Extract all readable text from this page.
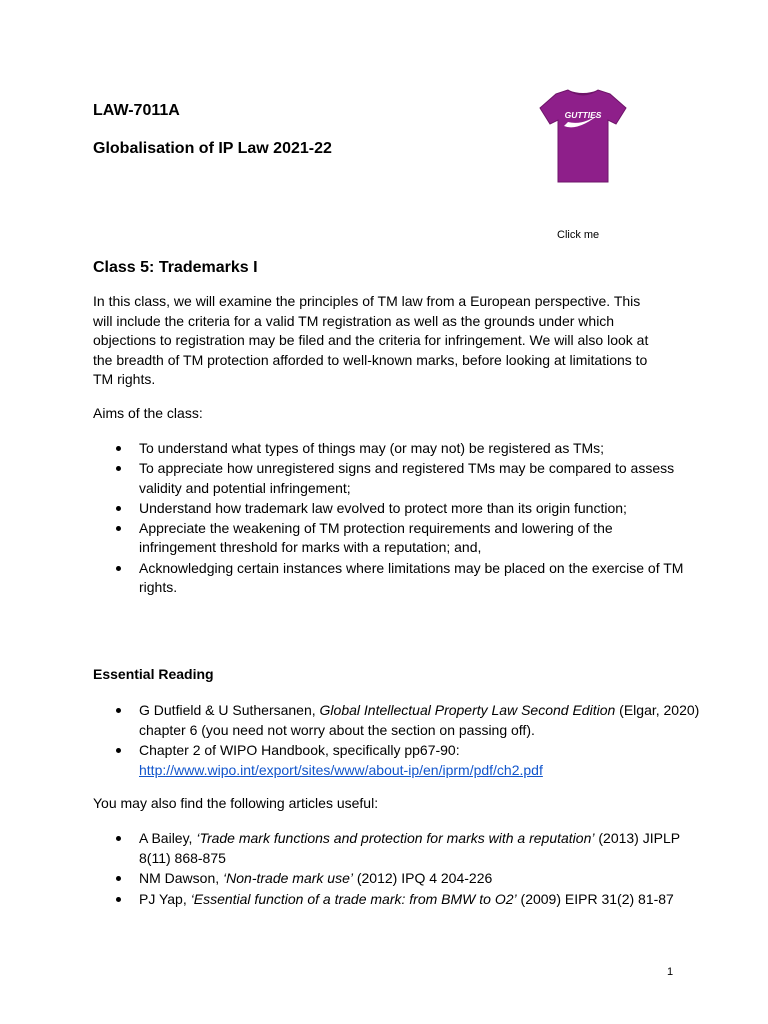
LAW-7011A

Globalisation of IP Law 2021-22

GUTTIES
Click me

Class 5: Trademarks I

In this class, we will examine the principles of TM law from a European perspective. This will include the criteria for a valid TM registration as well as the grounds under which objections to registration may be filed and the criteria for infringement. We will also look at the breadth of TM protection afforded to well-known marks, before looking at limitations to TM rights.

Aims of the class:

To understand what types of things may (or may not) be registered as TMs;
To appreciate how unregistered signs and registered TMs may be compared to assess validity and potential infringement;
Understand how trademark law evolved to protect more than its origin function;
Appreciate the weakening of TM protection requirements and lowering of the infringement threshold for marks with a reputation; and,
Acknowledging certain instances where limitations may be placed on the exercise of TM rights.

Essential Reading

G Dutfield & U Suthersanen, Global Intellectual Property Law Second Edition (Elgar, 2020) chapter 6 (you need not worry about the section on passing off).
Chapter 2 of WIPO Handbook, specifically pp67-90:
http://www.wipo.int/export/sites/www/about-ip/en/iprm/pdf/ch2.pdf

You may also find the following articles useful:

A Bailey, ‘Trade mark functions and protection for marks with a reputation’ (2013) JIPLP 8(11) 868-875
NM Dawson, ‘Non-trade mark use’ (2012) IPQ 4 204-226
PJ Yap, ‘Essential function of a trade mark: from BMW to O2’ (2009) EIPR 31(2) 81-87

1
